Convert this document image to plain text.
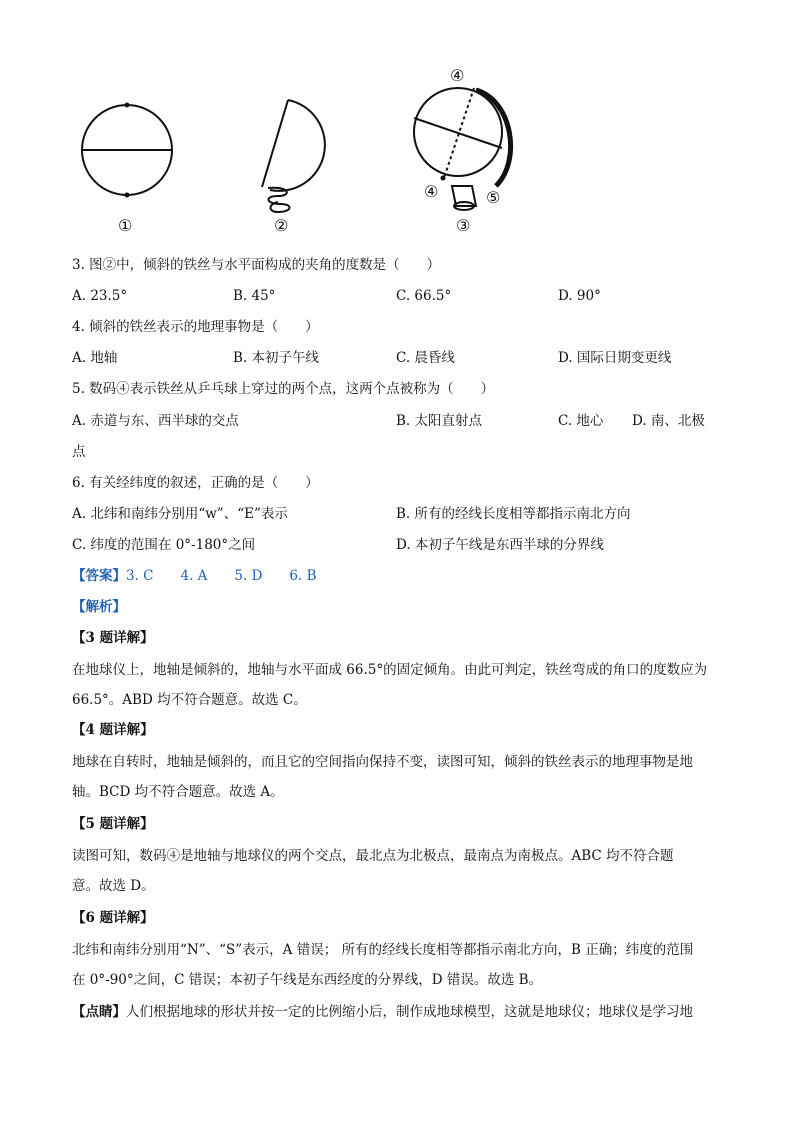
①	②	③
④
④	⑤
3. 图②中，倾斜的铁丝与水平面构成的夹角的度数是（　　）
A. 23.5°	B. 45°	C. 66.5°	D. 90°
4. 倾斜的铁丝表示的地理事物是（　　）
A. 地轴	B. 本初子午线	C. 晨昏线	D. 国际日期变更线
5. 数码④表示铁丝从乒乓球上穿过的两个点，这两个点被称为（　　）
A. 赤道与东、西半球的交点	B. 太阳直射点	C. 地心 D. 南、北极
点
6. 有关经纬度的叙述，正确的是（　　）
A. 北纬和南纬分别用“w”、“E”表示	B. 所有的经线长度相等都指示南北方向
C. 纬度的范围在 0°-180°之间	D. 本初子午线是东西半球的分界线
【答案】3. C　　4. A　　5. D　　6. B
【解析】
【3 题详解】
在地球仪上，地轴是倾斜的，地轴与水平面成 66.5°的固定倾角。由此可判定，铁丝弯成的角口的度数应为
66.5°。ABD 均不符合题意。故选 C。
【4 题详解】
地球在自转时，地轴是倾斜的，而且它的空间指向保持不变，读图可知，倾斜的铁丝表示的地理事物是地
轴。BCD 均不符合题意。故选 A。
【5 题详解】
读图可知，数码④是地轴与地球仪的两个交点，最北点为北极点，最南点为南极点。ABC 均不符合题
意。故选 D。
【6 题详解】
北纬和南纬分别用“N”、“S”表示，A 错误； 所有的经线长度相等都指示南北方向，B 正确；纬度的范围
在 0°-90°之间，C 错误；本初子午线是东西经度的分界线，D 错误。故选 B。
【点睛】人们根据地球的形状并按一定的比例缩小后，制作成地球模型，这就是地球仪；地球仪是学习地
